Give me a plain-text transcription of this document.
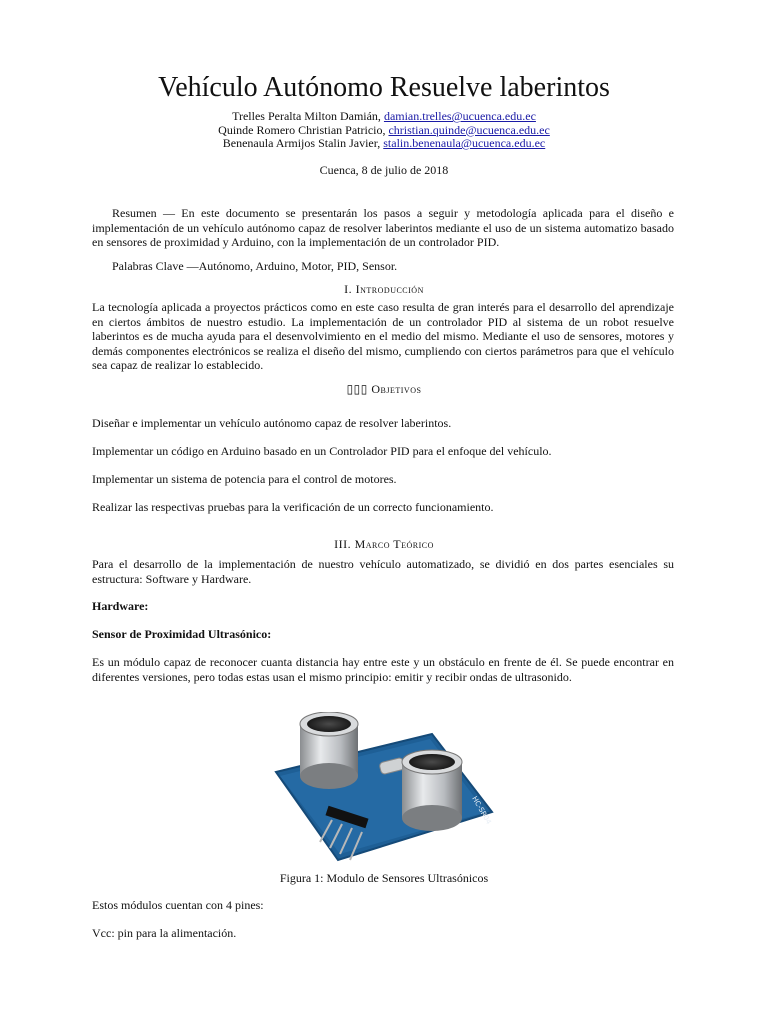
Vehículo Autónomo Resuelve laberintos
Trelles Peralta Milton Damián, damian.trelles@ucuenca.edu.ec
Quinde Romero Christian Patricio, christian.quinde@ucuenca.edu.ec
Benenaula Armijos Stalin Javier, stalin.benenaula@ucuenca.edu.ec
Cuenca, 8 de julio de 2018

Resumen — En este documento se presentarán los pasos a seguir y metodología aplicada para el diseño e implementación de un vehículo autónomo capaz de resolver laberintos mediante el uso de un sistema automatizo basado en sensores de proximidad y Arduino, con la implementación de un controlador PID.

Palabras Clave —Autónomo, Arduino, Motor, PID, Sensor.

I. Introducción

La tecnología aplicada a proyectos prácticos como en este caso resulta de gran interés para el desarrollo del aprendizaje en ciertos ámbitos de nuestro estudio. La implementación de un controlador PID al sistema de un robot resuelve laberintos es de mucha ayuda para el desenvolvimiento en el medio del mismo. Mediante el uso de sensores, motores y demás componentes electrónicos se realiza el diseño del mismo, cumpliendo con ciertos parámetros para que el vehículo sea capaz de realizar lo establecido.

▯▯▯ Objetivos

Diseñar e implementar un vehículo autónomo capaz de resolver laberintos.

Implementar un código en Arduino basado en un Controlador PID para el enfoque del vehículo.

Implementar un sistema de potencia para el control de motores.

Realizar las respectivas pruebas para la verificación de un correcto funcionamiento.

III. Marco Teórico

Para el desarrollo de la implementación de nuestro vehículo automatizado, se dividió en dos partes esenciales su estructura: Software y Hardware.

Hardware:

Sensor de Proximidad Ultrasónico:

Es un módulo capaz de reconocer cuanta distancia hay entre este y un obstáculo en frente de él. Se puede encontrar en diferentes versiones, pero todas estas usan el mismo principio: emitir y recibir ondas de ultrasonido.

HC-SR04
Figura 1: Modulo de Sensores Ultrasónicos

Estos módulos cuentan con 4 pines:

Vcc: pin para la alimentación.
